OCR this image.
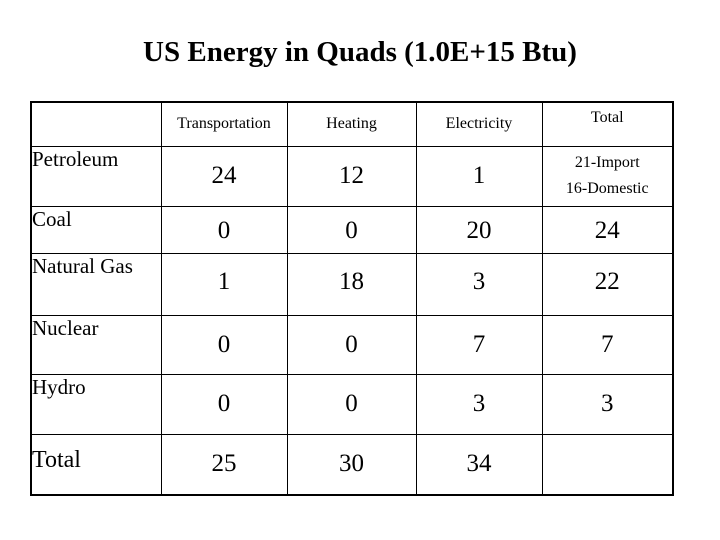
US Energy in Quads (1.0E+15 Btu)
	Transportation	Heating	Electricity	Total
Petroleum	24	12	1	21-Import
16-Domestic

Coal	0	0	20	24
Natural Gas	1	18	3	22
Nuclear	0	0	7	7
Hydro	0	0	3	3
Total	25	30	34	
